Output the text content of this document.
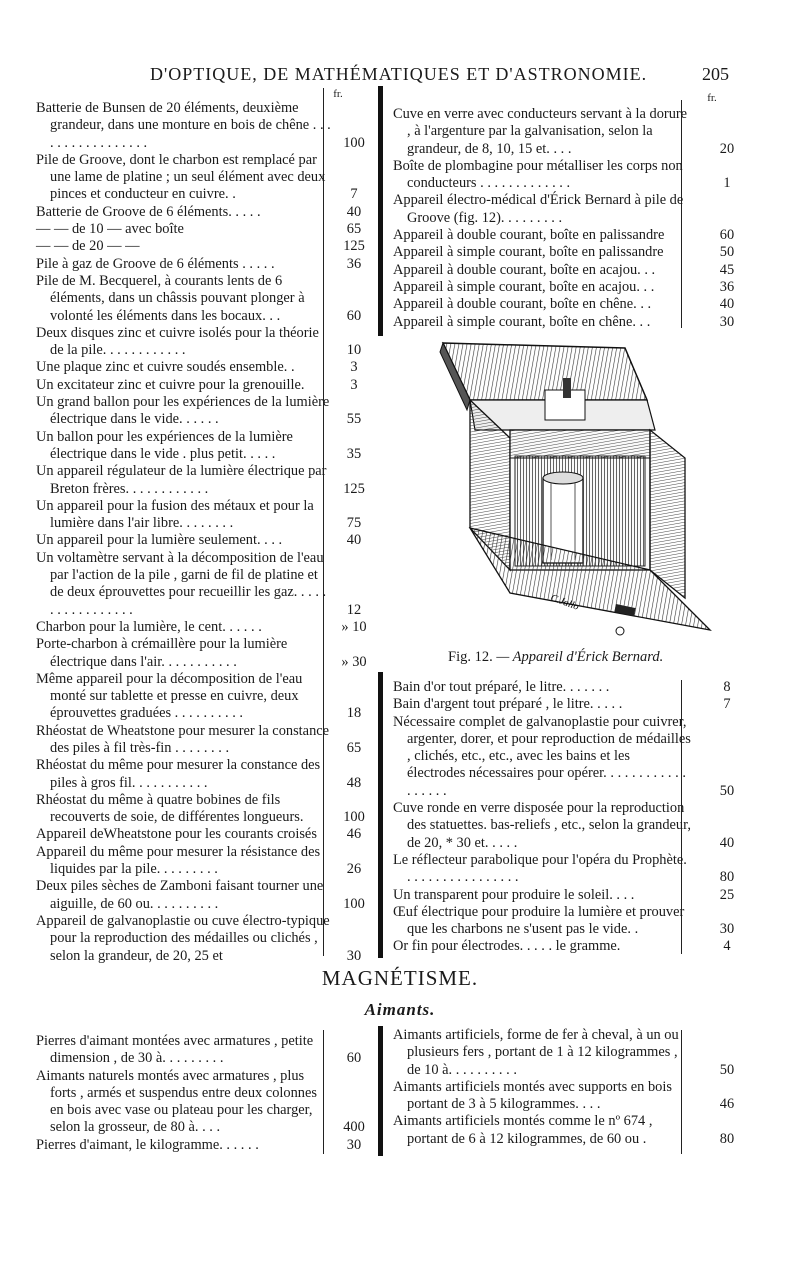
D'OPTIQUE, DE MATHÉMATIQUES ET D'ASTRONOMIE.	205
fr.	fr.
Batterie de Bunsen de 20 éléments, deuxième grandeur, dans une monture en bois de chêne . . . . . . . . . . . . . . . . .	100
Pile de Groove, dont le charbon est remplacé par une lame de platine ; un seul élément avec deux pinces et conducteur en cuivre. .	7
Batterie de Groove de 6 éléments. . . . .	40
— — de 10 — avec boîte	65
— — de 20 — —	125
Pile à gaz de Groove de 6 éléments . . . . .	36
Pile de M. Becquerel, à courants lents de 6 éléments, dans un châssis pouvant plonger à volonté les éléments dans les bocaux. . .	60
Deux disques zinc et cuivre isolés pour la théorie de la pile. . . . . . . . . . . .	10
Une plaque zinc et cuivre soudés ensemble. .	3
Un excitateur zinc et cuivre pour la grenouille.	3
Un grand ballon pour les expériences de la lumière électrique dans le vide. . . . . .	55
Un ballon pour les expériences de la lumière électrique dans le vide . plus petit. . . . .	35
Un appareil régulateur de la lumière électrique par Breton frères. . . . . . . . . . . .	125
Un appareil pour la fusion des métaux et pour la lumière dans l'air libre. . . . . . . .	75
Un appareil pour la lumière seulement. . . .	40
Un voltamètre servant à la décomposition de l'eau par l'action de la pile , garni de fil de platine et de deux éprouvettes pour recueillir les gaz. . . . . . . . . . . . . . . . .	12
Charbon pour la lumière, le cent. . . . . .	» 10
Porte-charbon à crémaillère pour la lumière électrique dans l'air. . . . . . . . . . .	» 30
Même appareil pour la décomposition de l'eau monté sur tablette et presse en cuivre, deux éprouvettes graduées . . . . . . . . . .	18
Rhéostat de Wheatstone pour mesurer la constance des piles à fil très-fin . . . . . . . .	65
Rhéostat du même pour mesurer la constance des piles à gros fil. . . . . . . . . . .	48
Rhéostat du même à quatre bobines de fils recouverts de soie, de différentes longueurs.	100
Appareil deWheatstone pour les courants croisés	46
Appareil du même pour mesurer la résistance des liquides par la pile. . . . . . . . .	26
Deux piles sèches de Zamboni faisant tourner une aiguille, de 60 ou. . . . . . . . . .	100
Appareil de galvanoplastie ou cuve électro-typique pour la reproduction des médailles ou clichés , selon la grandeur, de 20, 25 et	30
Cuve en verre avec conducteurs servant à la dorure , à l'argenture par la galvanisation, selon la grandeur, de 8, 10, 15 et. . . .	20
Boîte de plombagine pour métalliser les corps non conducteurs . . . . . . . . . . . . .	1
Appareil électro-médical d'Érick Bernard à pile de Groove (fig. 12). . . . . . . . .
Appareil à double courant, boîte en palissandre	60
Appareil à simple courant, boîte en palissandre	50
Appareil à double courant, boîte en acajou. . .	45
Appareil à simple courant, boîte en acajou. . .	36
Appareil à double courant, boîte en chêne. . .	40
Appareil à simple courant, boîte en chêne. . .	30
C.Jallo
Fig. 12. — Appareil d'Érick Bernard.
Bain d'or tout préparé, le litre. . . . . . .	8
Bain d'argent tout préparé , le litre. . . . .	7
Nécessaire complet de galvanoplastie pour cuivrer, argenter, dorer, et pour reproduction de médailles , clichés, etc., etc., avec les bains et les électrodes nécessaires pour opérer. . . . . . . . . . . . . . . . . .	50
Cuve ronde en verre disposée pour la reproduction des statuettes. bas-reliefs , etc., selon la grandeur, de 20, * 30 et. . . . .	40
Le réflecteur parabolique pour l'opéra du Prophète. . . . . . . . . . . . . . . . .	80
Un transparent pour produire le soleil. . . .	25
Œuf électrique pour produire la lumière et prouver que les charbons ne s'usent pas le vide. .	30
Or fin pour électrodes. . . . . le gramme.	4
MAGNÉTISME.
Aimants.
Pierres d'aimant montées avec armatures , petite dimension , de 30 à. . . . . . . . .	60
Aimants naturels montés avec armatures , plus forts , armés et suspendus entre deux colonnes en bois avec vase ou plateau pour les charger, selon la grosseur, de 80 à. . . .	400
Pierres d'aimant, le kilogramme. . . . . .	30
Aimants artificiels, forme de fer à cheval, à un ou plusieurs fers , portant de 1 à 12 kilogrammes , de 10 à. . . . . . . . . .	50
Aimants artificiels montés avec supports en bois portant de 3 à 5 kilogrammes. . . .	46
Aimants artificiels montés comme le nº 674 , portant de 6 à 12 kilogrammes, de 60 ou .	80
